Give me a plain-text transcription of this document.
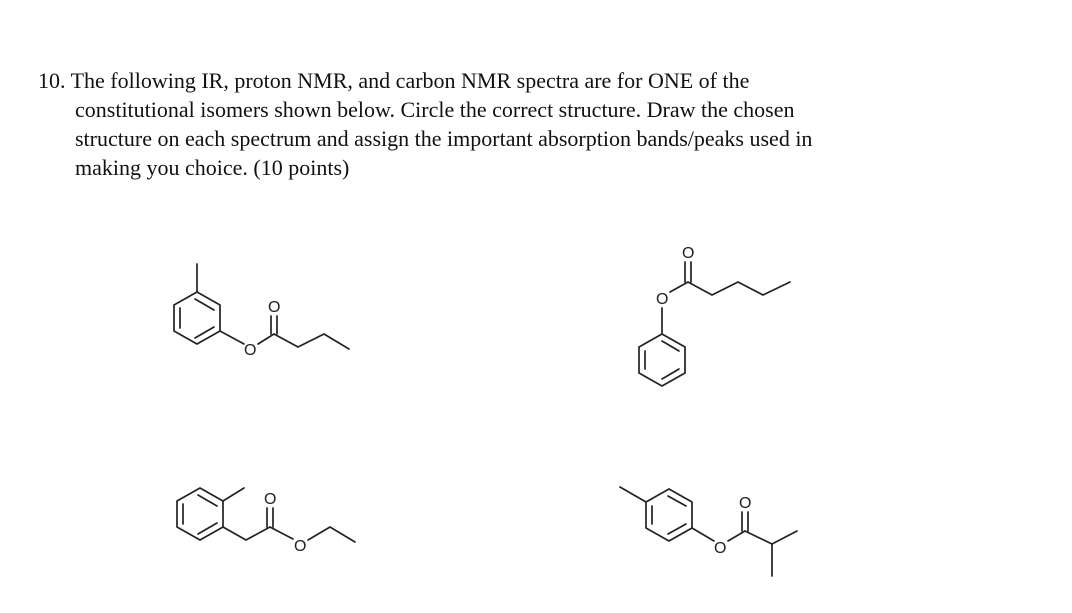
10. The following IR, proton NMR, and carbon NMR spectra are for ONE of the
constitutional isomers shown below. Circle the correct structure. Draw the chosen
structure on each spectrum and assign the important absorption bands/peaks used in
making you choice. (10 points)
O
O	O
O
O
O	O
O
